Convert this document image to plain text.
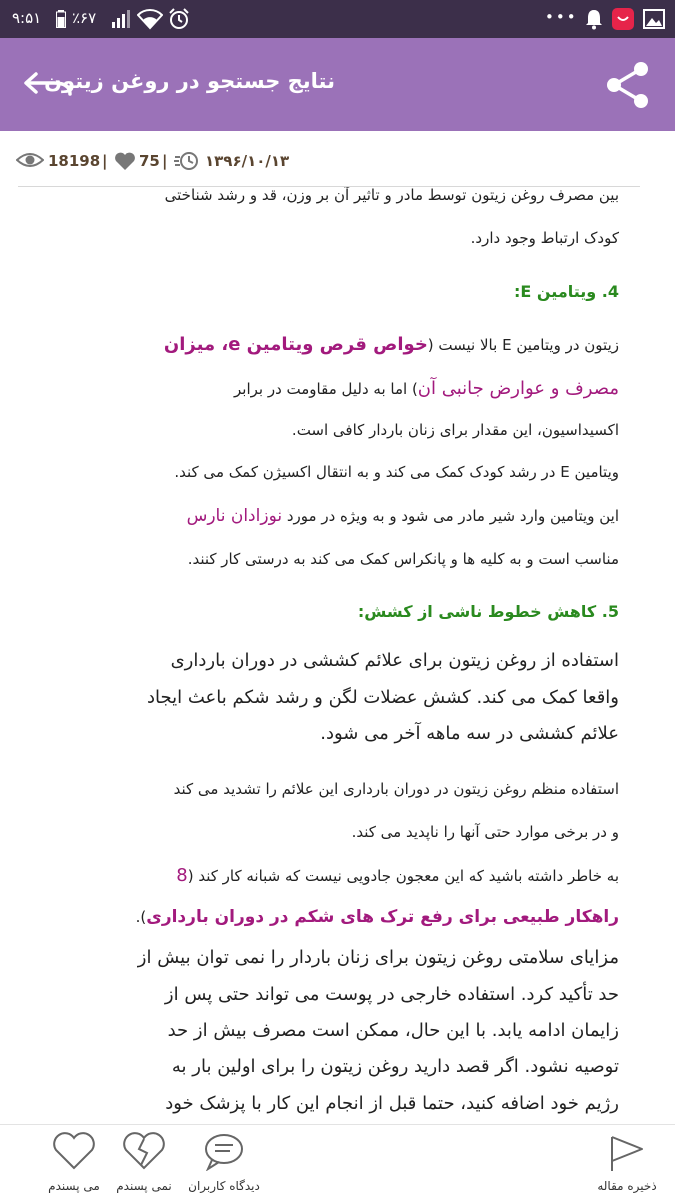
۹:۵۱ ٪۶۷	•••
نتایج جستجو در روغن زیتون
18198 | 75 |	۱۳۹۶/۱۰/۱۳
بین مصرف روغن زیتون توسط مادر و تاثیر آن بر وزن، قد و رشد شناختی
کودک ارتباط وجود دارد.
4. ویتامین E:
زیتون در ویتامین E بالا نیست (خواص قرص ویتامین e، میزان
مصرف و عوارض جانبی آن) اما به دلیل مقاومت در برابر
اکسیداسیون، این مقدار برای زنان باردار کافی است.
ویتامین E در رشد کودک کمک می کند و به انتقال اکسیژن کمک می کند.
این ویتامین وارد شیر مادر می شود و به ویژه در مورد نوزادان نارس
مناسب است و به کلیه ها و پانکراس کمک می کند به درستی کار کنند.
5. کاهش خطوط ناشی از کشش:
استفاده از روغن زیتون برای علائم کششی در دوران بارداری
واقعا کمک می کند. کشش عضلات لگن و رشد شکم باعث ایجاد
علائم کششی در سه ماهه آخر می شود.
استفاده منظم روغن زیتون در دوران بارداری این علائم را تشدید می کند
و در برخی موارد حتی آنها را ناپدید می کند.
به خاطر داشته باشید که این معجون جادویی نیست که شبانه کار کند (8
راهکار طبیعی برای رفع ترک های شکم در دوران بارداری).
مزایای سلامتی روغن زیتون برای زنان باردار را نمی توان بیش از
حد تأکید کرد. استفاده خارجی در پوست می تواند حتی پس از
زایمان ادامه یابد. با این حال، ممکن است مصرف بیش از حد
توصیه نشود. اگر قصد دارید روغن زیتون را برای اولین بار به
رژیم خود اضافه کنید، حتما قبل از انجام این کار با پزشک خود
می پسندم نمی پسندم دیدگاه کاربران	ذخیره مقاله
